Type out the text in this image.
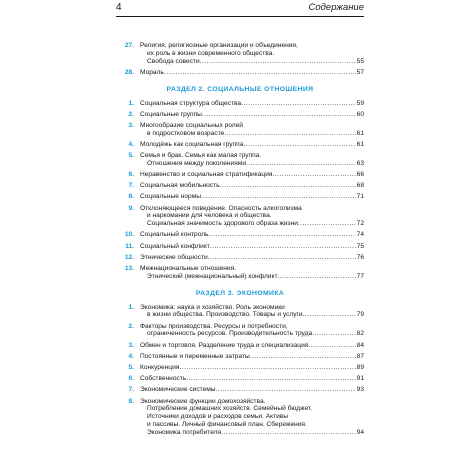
4	Содержание
27. Религия, религиозные организации и объединения,
их роль в жизни современного общества.
Свобода совести .....	55
28. Мораль .....	57
РАЗДЕЛ 2. СОЦИАЛЬНЫЕ ОТНОШЕНИЯ
1. Социальная структура общества .....	59
2. Социальные группы .....	60
3. Многообразие социальных ролей
в подростковом возрасте .....	61
4. Молодёжь как социальная группа .....	61
5. Семья и брак. Семья как малая группа.
Отношения между поколениями .....	63
6. Неравенство и социальная стратификация .....	66
7. Социальная мобильность .....	68
8. Социальные нормы .....	71
9. Отклоняющееся поведение. Опасность алкоголизма
и наркомании для человека и общества.
Социальная значимость здорового образа жизни .....	72
10. Социальный контроль .....	74
11. Социальный конфликт .....	75
12. Этнические общности .....	76
13. Межнациональные отношения.
Этнический (межнациональный) конфликт .....	77
РАЗДЕЛ 3. ЭКОНОМИКА
1. Экономика: наука и хозяйство. Роль экономики
в жизни общества. Производство. Товары и услуги .....	79
2. Факторы производства. Ресурсы и потребности,
ограниченность ресурсов. Производительность труда .....	82
3. Обмен и торговля. Разделение труда и специализация .....	84
4. Постоянные и переменные затраты .....	87
5. Конкуренция .....	89
6. Собственность .....	91
7. Экономические системы .....	93
8. Экономические функции домохозяйства.
Потребление домашних хозяйств. Семейный бюджет.
Источники доходов и расходов семьи. Активы
и пассивы. Личный финансовый план. Сбережения.
Экономика потребителя .....	94
